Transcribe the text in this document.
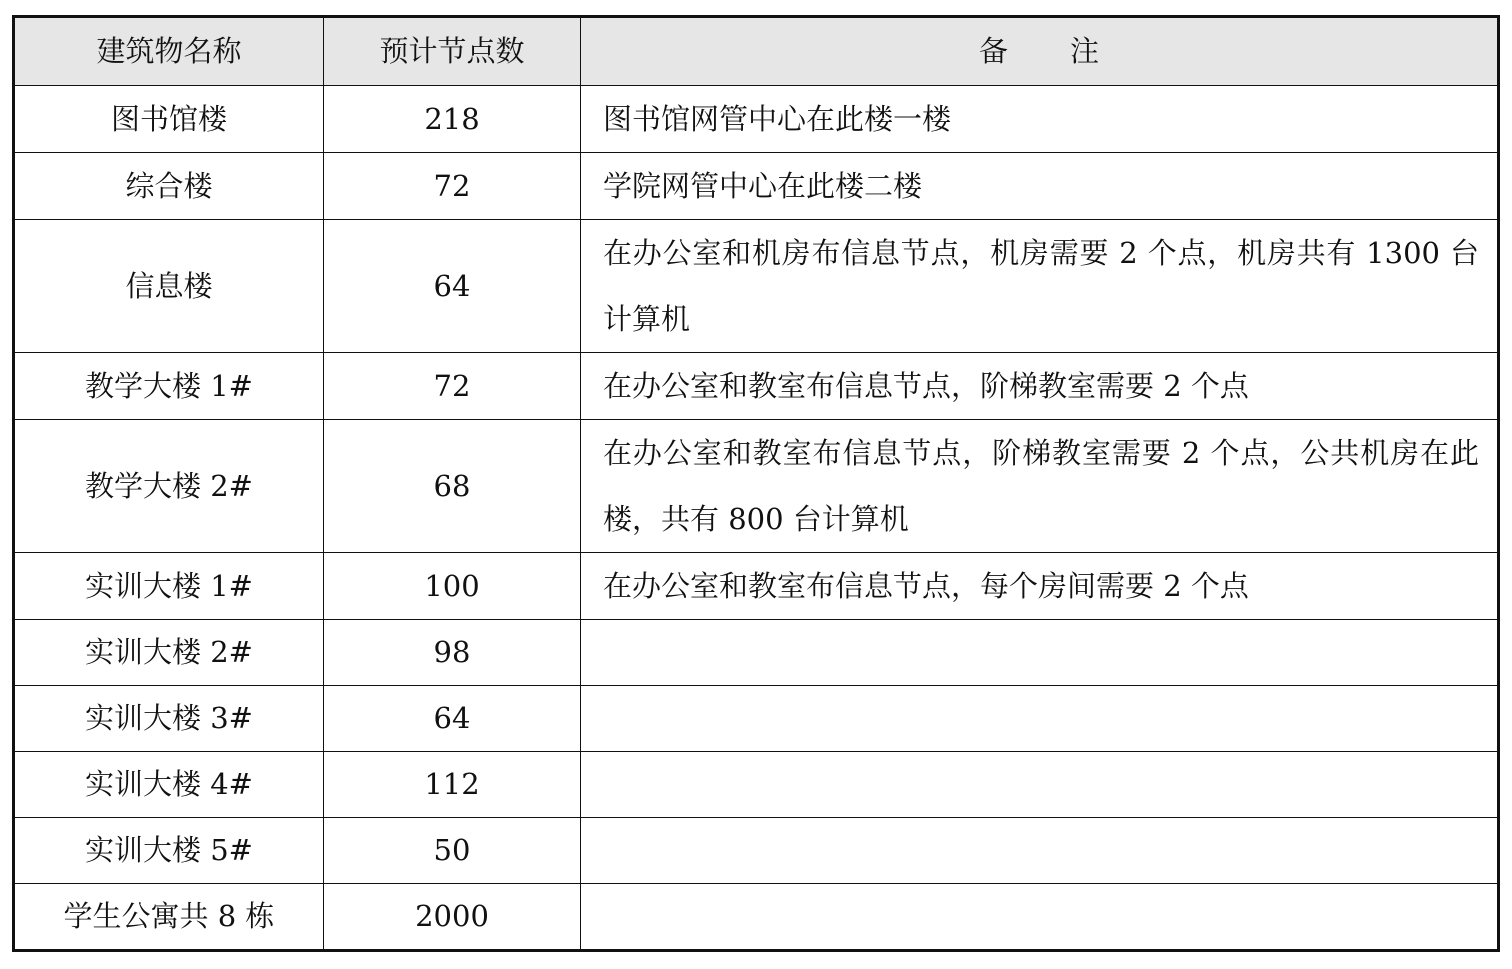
建筑物名称	预计节点数	备 注
图书馆楼	218	图书馆网管中心在此楼一楼
综合楼	72	学院网管中心在此楼二楼
信息楼	64	在办公室和机房布信息节点，机房需要 2 个点，机房共有 1300 台计算机
教学大楼 1#	72	在办公室和教室布信息节点，阶梯教室需要 2 个点
教学大楼 2#	68	在办公室和教室布信息节点，阶梯教室需要 2 个点，公共机房在此楼，共有 800 台计算机
实训大楼 1#	100	在办公室和教室布信息节点，每个房间需要 2 个点
实训大楼 2#	98	
实训大楼 3#	64	
实训大楼 4#	112	
实训大楼 5#	50	
学生公寓共 8 栋	2000	
